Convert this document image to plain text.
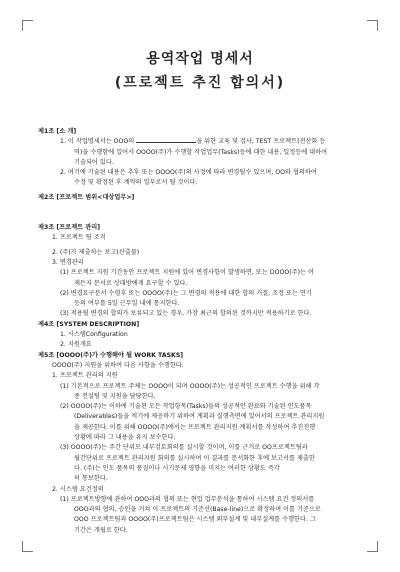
용역작업 명세서
(프로젝트 추진 합의서)
제1조 [소 개]
1. 이 작업명세서는 OOO의	을 위한 교육 및 검사, TEST 프로젝트(전산화 등
역)을 수행함에 있어서 OOOO(주)가 수행할 작업업무(Tasks)등에 대한 내용, 일정등에 대하여
기술되어 있다.
2. 여기에 기술된 내용은 추후 또는 OOOO(주)의 사정에 따라 변경될수 있으며, OO와 협의하여
수정 및 확정된 후 계약의 일부로서 될 것이다.
제2조 [프로젝트 범위<대상업무>]
제3조 [프로젝트 관리]
1. 프로젝트 팀 조직
2. (주)가 제출하는 보고(산출물)
3. 변경관리
(1) 프로젝트 지원 기간동안 프로젝트 지원에 있어 변경사항이 발생하면, 또는 OOOO(주)는 어
제든지 문서로 상대방에게 요구할 수 있다.
(2) 변경요구문서 수령후 또는 OOOO(주)는 그 변경의 적용에 대한 합의 거절, 조정 또는 연기
등의 여부를 5일 근무일 내에 통지한다.
(3) 적용될 변경의 합의가 보류되고 있는 경우, 가장 최근의 합의된 것까지만 적용하기로 한다.
제4조 [SYSTEM DESCRIPTION]
1. 시스템Configuration
2. 지원개요
제5조 [OOOO(주)가 수행해야 될 WORK TASKS]
OOOO(주) 지원을 위하여 다음 사항을 수행한다.
1. 프로젝트 관리의 지원
(1) 기본적으로 프로젝트 주체는 OOOO이 되며 OOOO(주)는 성공적인 프로젝트 수행을 위해 각
종 컨설팅 및 지원을 담당한다.
(2) OOOO(주)는 이하에 기술된 모든 작업항목(Tasks)들의 성공적인 완료와 기술된 인도품목
(Deliverables)들을 적기에 제공하기 위하여 계획과 실행측면에 있어서의 프로젝트 관리지원
을 제공한다. 이를 위해 OOOO(주)에서는 프로젝트 관리지원 계획서를 작성하여 추진진행
상황에 따라 그 내용을 유지 보수한다.
(3) OOOO(주)는 주간 단위로 내부검토회의를 실시할 것이며, 이를 근거로 OO프로젝트팀과
월간단위로 프로젝트 관리지원 회의를 실시하여 이 결과를 문서화한 후에 보고서를 제출한
다. (주)는 인도 품목의 품질이나 시기문제 영향을 미치는 여러한 상황도 즉각
히 통보한다.
2. 시스템 요건정의
(1) 프로젝트방향에 관하여 OOO과의 협의 또는 현업 업무분석을 통하여 시스템 요건 정의서를
OOO과의 협의, 승인을 거쳐 이 프로젝트의 기준선(Base-line)으로 확정하며 이를 기준으로
OOO 프로젝트팀과 OOOO(주)프로젝트팀은 시스템 외부설계 및 내부설계를 수행한다. 그
기간은 개월로 한다.
